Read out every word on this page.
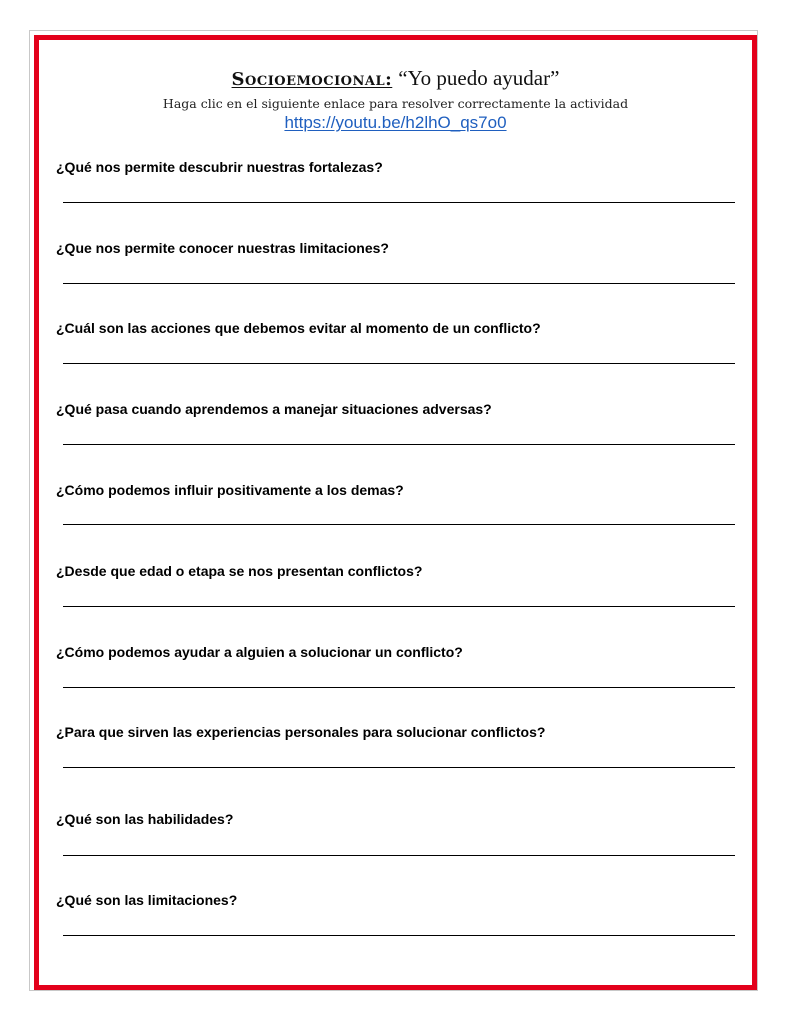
Socioemocional: “Yo puedo ayudar”
Haga clic en el siguiente enlace para resolver correctamente la actividad
https://youtu.be/h2lhO_qs7o0
¿Qué nos permite descubrir nuestras fortalezas?
¿Que nos permite conocer nuestras limitaciones?
¿Cuál son las acciones que debemos evitar al momento de un conflicto?
¿Qué pasa cuando aprendemos a manejar situaciones adversas?
¿Cómo podemos influir positivamente a los demas?
¿Desde que edad o etapa se nos presentan conflictos?
¿Cómo podemos ayudar a alguien a solucionar un conflicto?
¿Para que sirven las experiencias personales para solucionar conflictos?
¿Qué son las habilidades?
¿Qué son las limitaciones?
